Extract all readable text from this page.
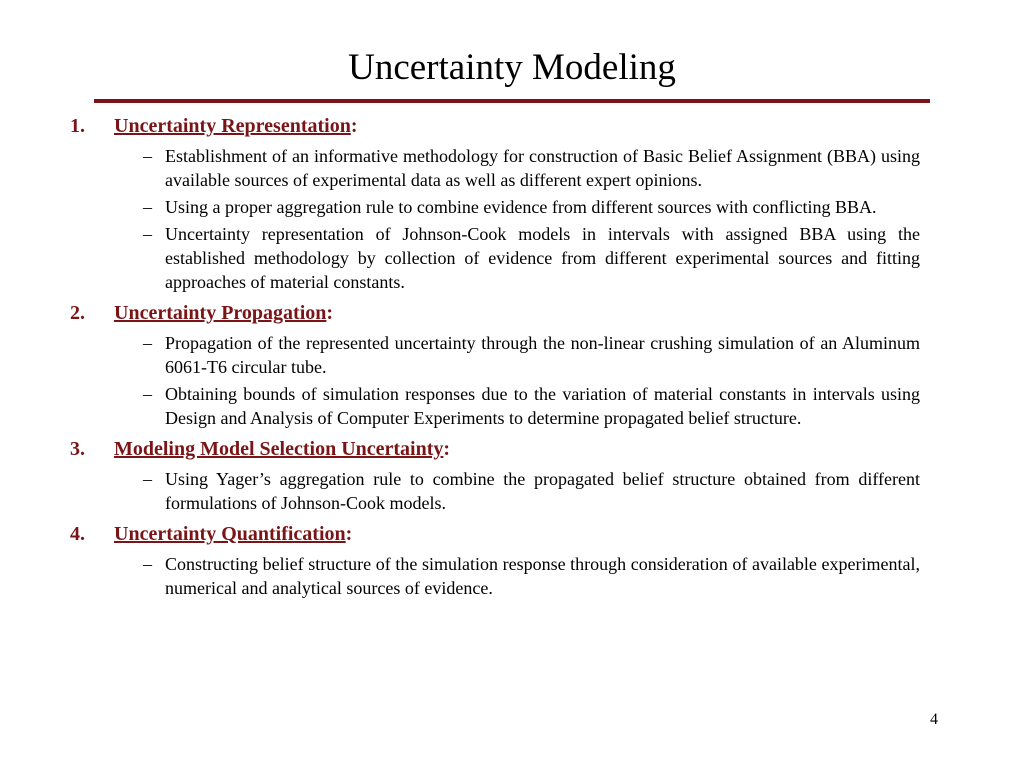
Uncertainty Modeling
1.	Uncertainty Representation :
– Establishment of an informative methodology for construction of Basic Belief Assignment (BBA) using available sources of experimental data as well as different expert opinions.
– Using a proper aggregation rule to combine evidence from different sources with conflicting BBA.
– Uncertainty representation of Johnson-Cook models in intervals with assigned BBA using the established methodology by collection of evidence from different experimental sources and fitting approaches of material constants.
2.	Uncertainty Propagation :
– Propagation of the represented uncertainty through the non-linear crushing simulation of an Aluminum 6061-T6 circular tube.
– Obtaining bounds of simulation responses due to the variation of material constants in intervals using Design and Analysis of Computer Experiments to determine propagated belief structure.
3.	Modeling Model Selection Uncertainty :
– Using Yager’s aggregation rule to combine the propagated belief structure obtained from different formulations of Johnson-Cook models.
4.	Uncertainty Quantification :
– Constructing belief structure of the simulation response through consideration of available experimental, numerical and analytical sources of evidence.
4
